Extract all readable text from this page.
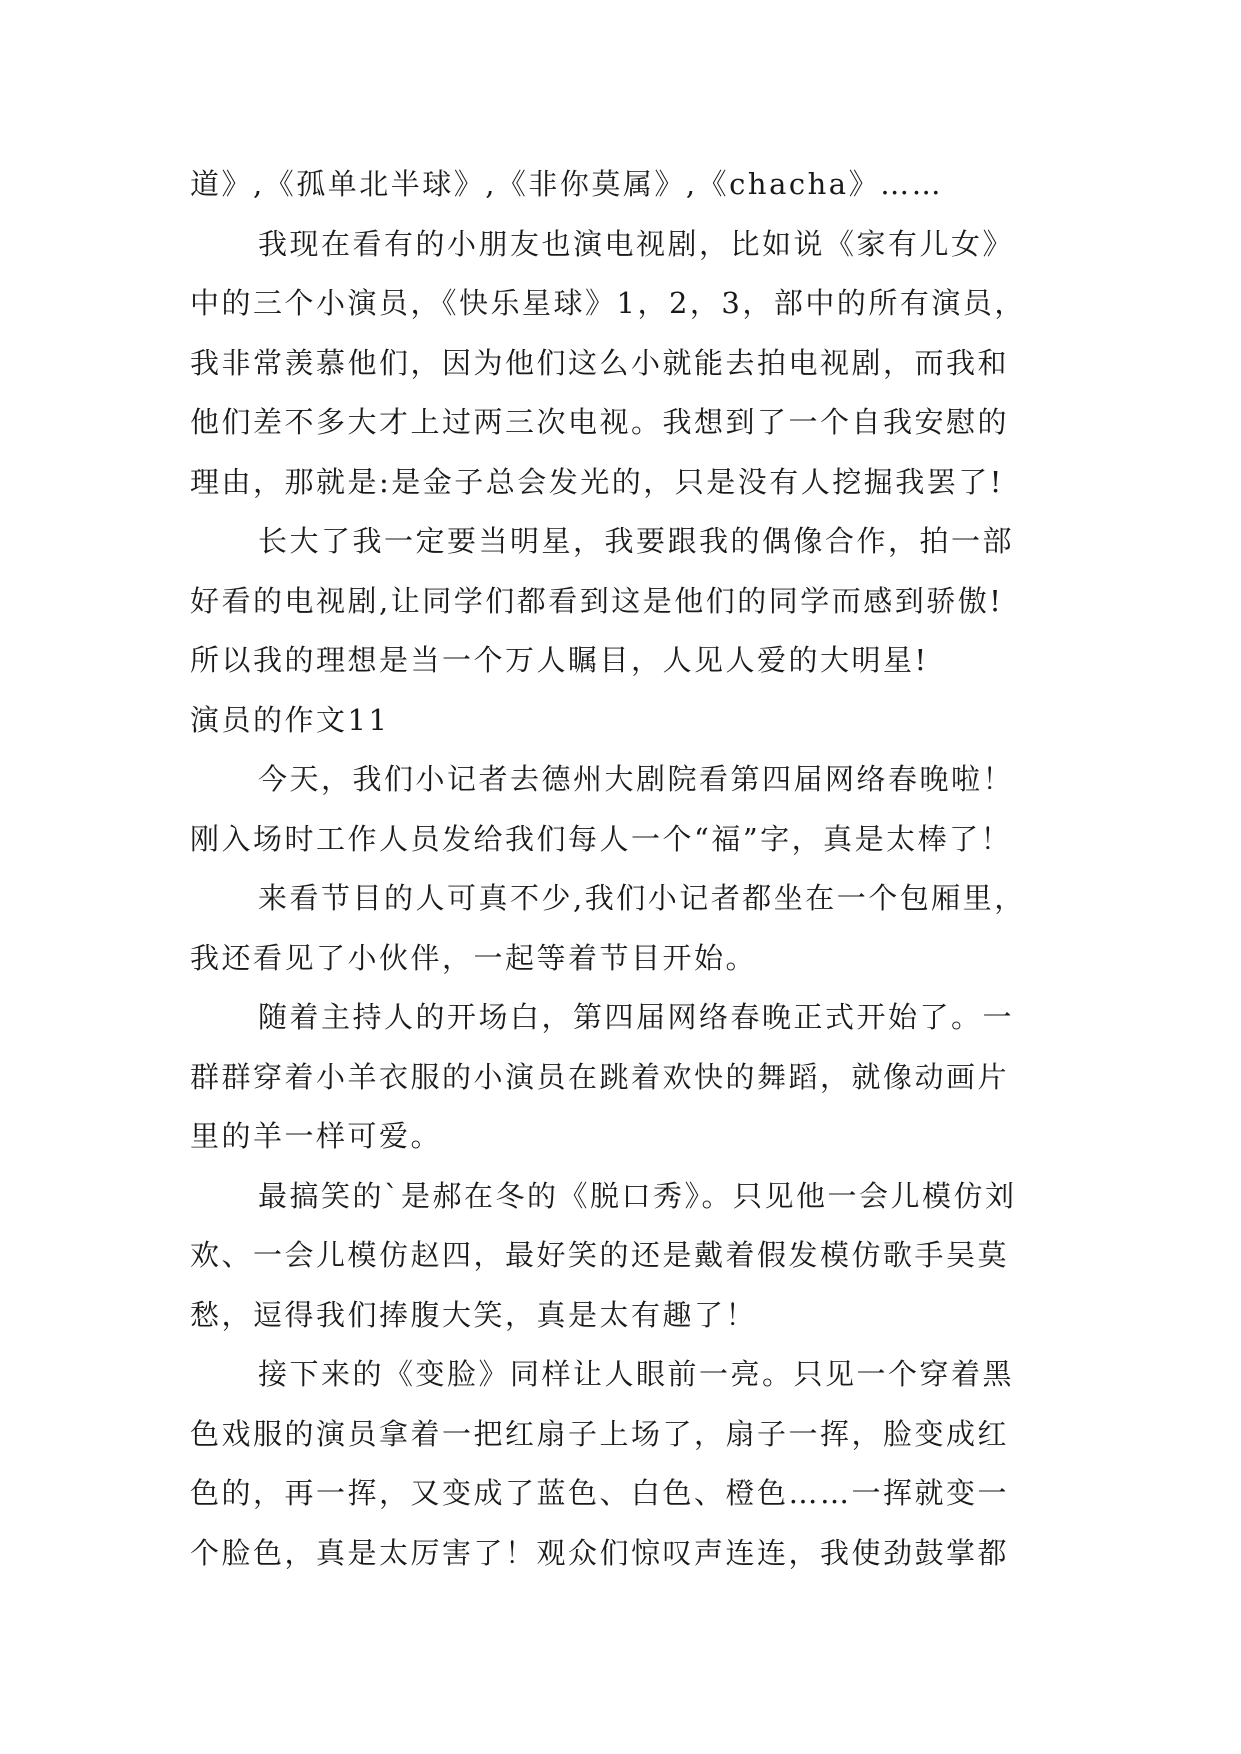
道》,《孤单北半球》,《非你莫属》,《chacha》……
我现在看有的小朋友也演电视剧，比如说《家有儿女》
中的三个小演员，《快乐星球》1，2，3，部中的所有演员，
我非常羡慕他们，因为他们这么小就能去拍电视剧，而我和
他们差不多大才上过两三次电视。我想到了一个自我安慰的
理由，那就是:是金子总会发光的，只是没有人挖掘我罢了!
长大了我一定要当明星，我要跟我的偶像合作，拍一部
好看的电视剧,让同学们都看到这是他们的同学而感到骄傲!
所以我的理想是当一个万人瞩目，人见人爱的大明星!
演员的作文11
今天，我们小记者去德州大剧院看第四届网络春晚啦！
刚入场时工作人员发给我们每人一个“福”字，真是太棒了！
来看节目的人可真不少,我们小记者都坐在一个包厢里，
我还看见了小伙伴，一起等着节目开始。
随着主持人的开场白，第四届网络春晚正式开始了。一
群群穿着小羊衣服的小演员在跳着欢快的舞蹈，就像动画片
里的羊一样可爱。
最搞笑的`是郝在冬的《脱口秀》。只见他一会儿模仿刘
欢、一会儿模仿赵四，最好笑的还是戴着假发模仿歌手吴莫
愁，逗得我们捧腹大笑，真是太有趣了！
接下来的《变脸》同样让人眼前一亮。只见一个穿着黑
色戏服的演员拿着一把红扇子上场了，扇子一挥，脸变成红
色的，再一挥，又变成了蓝色、白色、橙色……一挥就变一
个脸色，真是太厉害了！观众们惊叹声连连，我使劲鼓掌都
